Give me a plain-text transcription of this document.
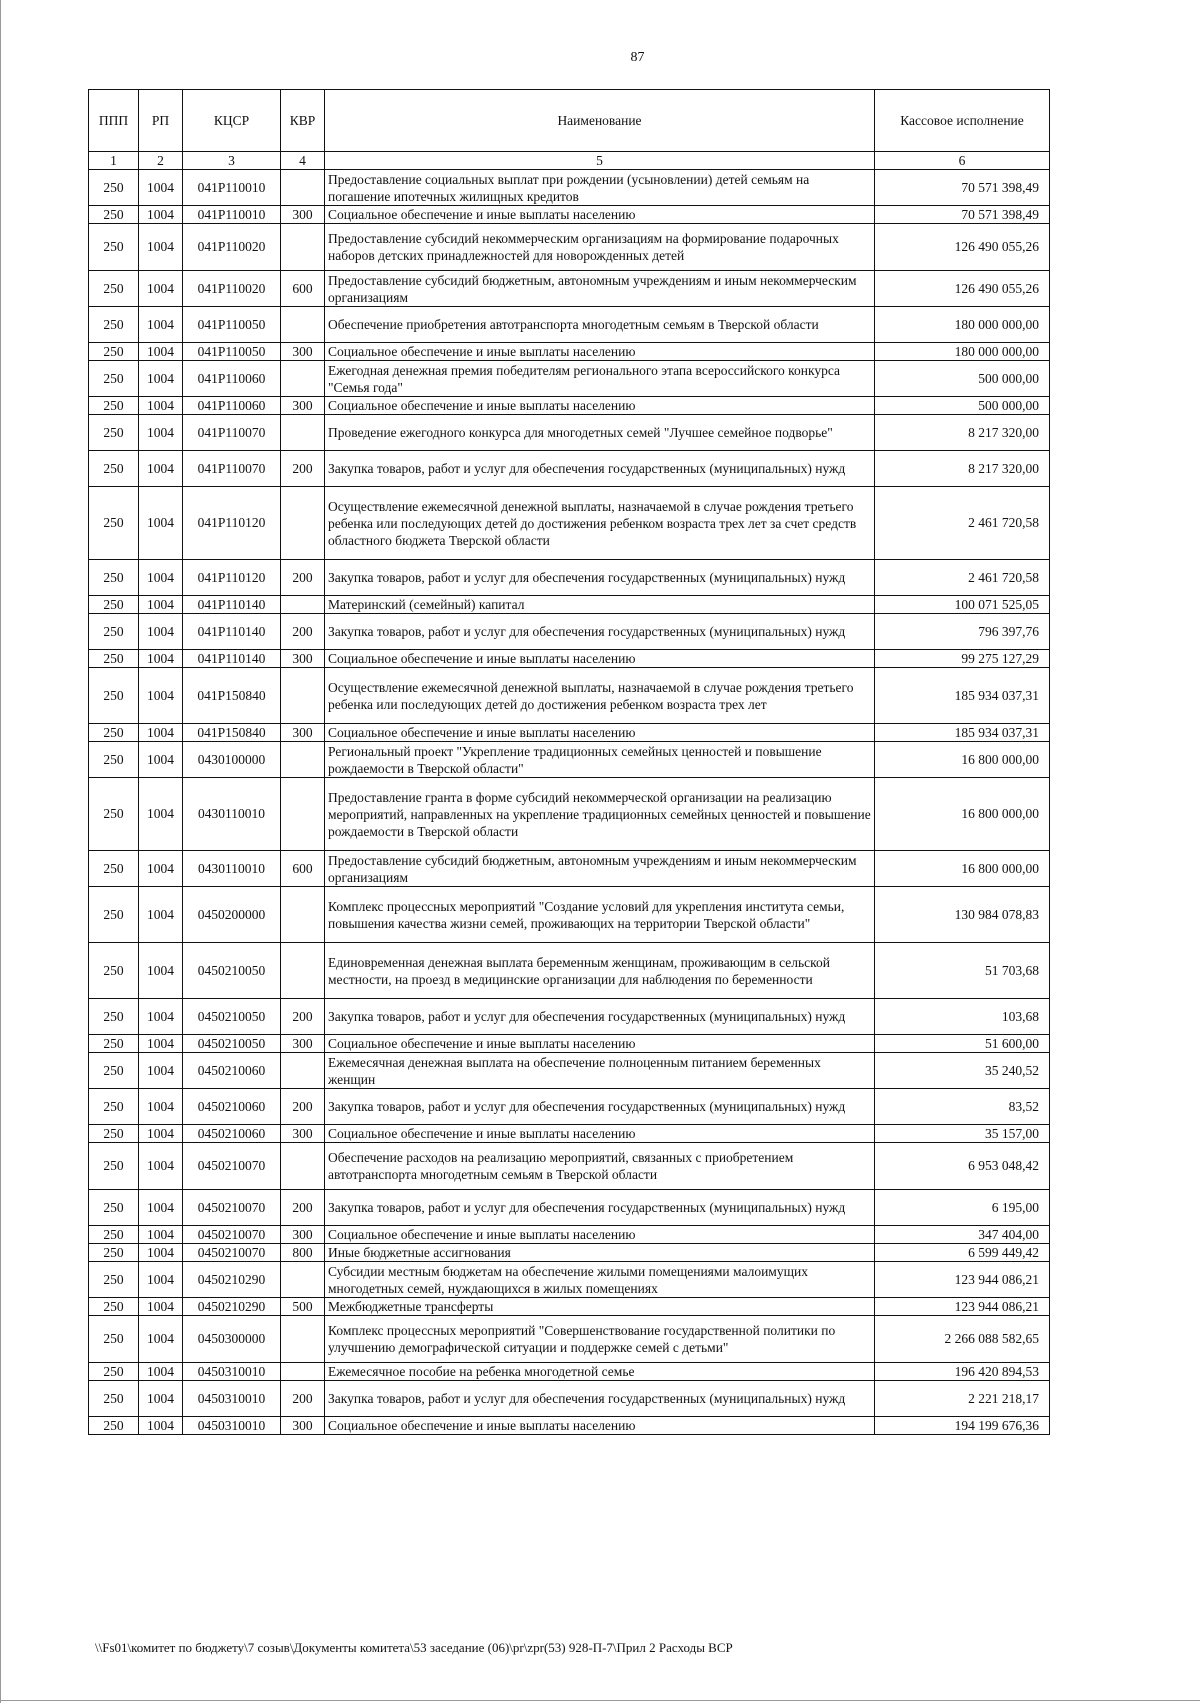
87
ППП	РП	КЦСР	КВР	Наименование	Кассовое исполнение
1	2	3	4	5	6
250	1004	041P110010		Предоставление социальных выплат при рождении (усыновлении) детей семьям на погашение ипотечных жилищных кредитов	70 571 398,49
250	1004	041P110010	300	Социальное обеспечение и иные выплаты населению	70 571 398,49
250	1004	041P110020		Предоставление субсидий некоммерческим организациям на формирование подарочных наборов детских принадлежностей для новорожденных детей	126 490 055,26
250	1004	041P110020	600	Предоставление субсидий бюджетным, автономным учреждениям и иным некоммерческим организациям	126 490 055,26
250	1004	041P110050		Обеспечение приобретения автотранспорта многодетным семьям в Тверской области	180 000 000,00
250	1004	041P110050	300	Социальное обеспечение и иные выплаты населению	180 000 000,00
250	1004	041P110060		Ежегодная денежная премия победителям регионального этапа всероссийского конкурса "Семья года"	500 000,00
250	1004	041P110060	300	Социальное обеспечение и иные выплаты населению	500 000,00
250	1004	041P110070		Проведение ежегодного конкурса для многодетных семей "Лучшее семейное подворье"	8 217 320,00
250	1004	041P110070	200	Закупка товаров, работ и услуг для обеспечения государственных (муниципальных) нужд	8 217 320,00
250	1004	041P110120		Осуществление ежемесячной денежной выплаты, назначаемой в случае рождения третьего ребенка или последующих детей до достижения ребенком возраста трех лет за счет средств областного бюджета Тверской области	2 461 720,58
250	1004	041P110120	200	Закупка товаров, работ и услуг для обеспечения государственных (муниципальных) нужд	2 461 720,58
250	1004	041P110140		Материнский (семейный) капитал	100 071 525,05
250	1004	041P110140	200	Закупка товаров, работ и услуг для обеспечения государственных (муниципальных) нужд	796 397,76
250	1004	041P110140	300	Социальное обеспечение и иные выплаты населению	99 275 127,29
250	1004	041P150840		Осуществление ежемесячной денежной выплаты, назначаемой в случае рождения третьего ребенка или последующих детей до достижения ребенком возраста трех лет	185 934 037,31
250	1004	041P150840	300	Социальное обеспечение и иные выплаты населению	185 934 037,31
250	1004	0430100000		Региональный проект "Укрепление традиционных семейных ценностей и повышение рождаемости в Тверской области"	16 800 000,00
250	1004	0430110010		Предоставление гранта в форме субсидий некоммерческой организации на реализацию мероприятий, направленных на укрепление традиционных семейных ценностей и повышение рождаемости в Тверской области	16 800 000,00
250	1004	0430110010	600	Предоставление субсидий бюджетным, автономным учреждениям и иным некоммерческим организациям	16 800 000,00
250	1004	0450200000		Комплекс процессных мероприятий "Создание условий для укрепления института семьи, повышения качества жизни семей, проживающих на территории Тверской области"	130 984 078,83
250	1004	0450210050		Единовременная денежная выплата беременным женщинам, проживающим в сельской местности, на проезд в медицинские организации для наблюдения по беременности	51 703,68
250	1004	0450210050	200	Закупка товаров, работ и услуг для обеспечения государственных (муниципальных) нужд	103,68
250	1004	0450210050	300	Социальное обеспечение и иные выплаты населению	51 600,00
250	1004	0450210060		Ежемесячная денежная выплата на обеспечение полноценным питанием беременных женщин	35 240,52
250	1004	0450210060	200	Закупка товаров, работ и услуг для обеспечения государственных (муниципальных) нужд	83,52
250	1004	0450210060	300	Социальное обеспечение и иные выплаты населению	35 157,00
250	1004	0450210070		Обеспечение расходов на реализацию мероприятий, связанных с приобретением автотранспорта многодетным семьям в Тверской области	6 953 048,42
250	1004	0450210070	200	Закупка товаров, работ и услуг для обеспечения государственных (муниципальных) нужд	6 195,00
250	1004	0450210070	300	Социальное обеспечение и иные выплаты населению	347 404,00
250	1004	0450210070	800	Иные бюджетные ассигнования	6 599 449,42
250	1004	0450210290		Субсидии местным бюджетам на обеспечение жилыми помещениями малоимущих многодетных семей, нуждающихся в жилых помещениях	123 944 086,21
250	1004	0450210290	500	Межбюджетные трансферты	123 944 086,21
250	1004	0450300000		Комплекс процессных мероприятий "Совершенствование государственной политики по улучшению демографической ситуации и поддержке семей с детьми"	2 266 088 582,65
250	1004	0450310010		Ежемесячное пособие на ребенка многодетной семье	196 420 894,53
250	1004	0450310010	200	Закупка товаров, работ и услуг для обеспечения государственных (муниципальных) нужд	2 221 218,17
250	1004	0450310010	300	Социальное обеспечение и иные выплаты населению	194 199 676,36
\\Fs01\комитет по бюджету\7 созыв\Документы комитета\53 заседание (06)\pr\zpr(53) 928-П-7\Прил 2 Расходы ВСР
